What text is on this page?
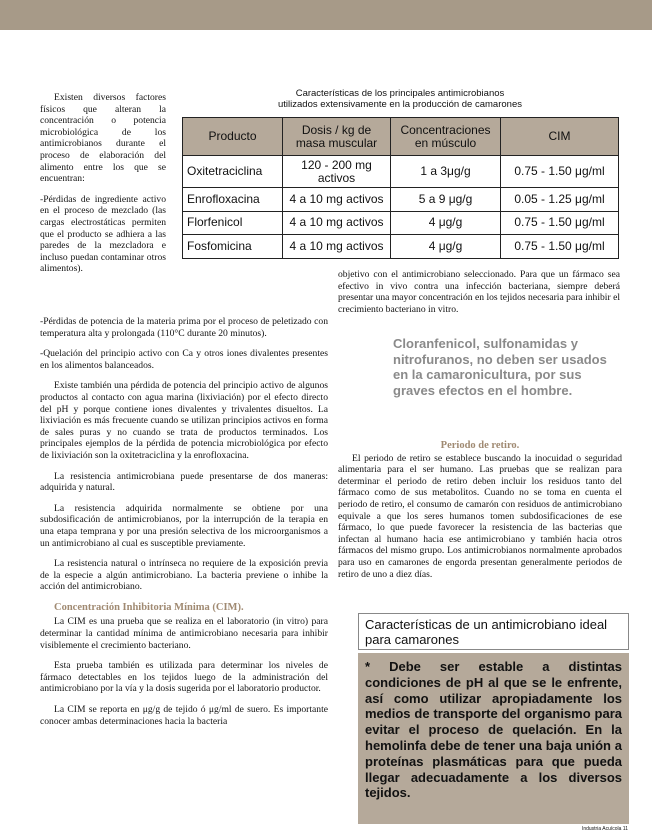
Existen diversos factores físicos que alteran la concentración o potencia microbiológica de los antimicrobianos durante el proceso de elaboración del alimento entre los que se encuentran:

-Pérdidas de ingrediente activo en el proceso de mezclado (las cargas electrostáticas permiten que el producto se adhiera a las paredes de la mezcladora e incluso puedan contaminar otros alimentos).

Características de los principales antimicrobianos
utilizados extensivamente en la producción de camarones
Producto	Dosis / kg de masa muscular	Concentraciones en músculo	CIM
Oxitetraciclina	120 - 200 mg activos	1 a 3μg/g	0.75 - 1.50 μg/ml
Enrofloxacina	4 a 10 mg activos	5 a 9 μg/g	0.05 - 1.25 μg/ml
Florfenicol	4 a 10 mg activos	4 μg/g	0.75 - 1.50 μg/ml
Fosfomicina	4 a 10 mg activos	4 μg/g	0.75 - 1.50 μg/ml

-Pérdidas de potencia de la materia prima por el proceso de peletizado con temperatura alta y prolongada (110°C durante 20 minutos).

-Quelación del principio activo con Ca y otros iones divalentes presentes en los alimentos balanceados.

Existe también una pérdida de potencia del principio activo de algunos productos al contacto con agua marina (lixiviación) por el efecto directo del pH y porque contiene iones divalentes y trivalentes disueltos. La lixiviación es más frecuente cuando se utilizan principios activos en forma de sales puras y no cuando se trata de productos terminados. Los principales ejemplos de la pérdida de potencia microbiológica por efecto de lixiviación son la oxitetraciclina y la enrofloxacina.

La resistencia antimicrobiana puede presentarse de dos maneras: adquirida y natural.

La resistencia adquirida normalmente se obtiene por una subdosificación de antimicrobianos, por la interrupción de la terapia en una etapa temprana y por una presión selectiva de los microorganismos a un antimicrobiano al cual es susceptible previamente.

La resistencia natural o intrínseca no requiere de la exposición previa de la especie a algún antimicrobiano. La bacteria previene o inhibe la acción del antimicrobiano.

Concentración Inhibitoria Mínima (CIM).

La CIM es una prueba que se realiza en el laboratorio (in vitro) para determinar la cantidad mínima de antimicrobiano necesaria para inhibir visiblemente el crecimiento bacteriano.

Esta prueba también es utilizada para determinar los niveles de fármaco detectables en los tejidos luego de la administración del antimicrobiano por la vía y la dosis sugerida por el laboratorio productor.

La CIM se reporta en μg/g de tejido ó μg/ml de suero. Es importante conocer ambas determinaciones hacia la bacteria

objetivo con el antimicrobiano seleccionado. Para que un fármaco sea efectivo in vivo contra una infección bacteriana, siempre deberá presentar una mayor concentración en los tejidos necesaria para inhibir el crecimiento bacteriano in vitro.

Cloranfenicol, sulfonamidas y nitrofuranos, no deben ser usados en la camaronicultura, por sus graves efectos en el hombre.
Periodo de retiro.

El periodo de retiro se establece buscando la inocuidad o seguridad alimentaria para el ser humano. Las pruebas que se realizan para determinar el periodo de retiro deben incluir los residuos tanto del fármaco como de sus metabolitos. Cuando no se toma en cuenta el periodo de retiro, el consumo de camarón con residuos de antimicrobiano equivale a que los seres humanos tomen subdosificaciones de ese fármaco, lo que puede favorecer la resistencia de las bacterias que infectan al humano hacia ese antimicrobiano y también hacia otros fármacos del mismo grupo. Los antimicrobianos normalmente aprobados para uso en camarones de engorda presentan generalmente periodos de retiro de uno a diez días.

Características de un antimicrobiano ideal para camarones
* Debe ser estable a distintas condiciones de pH al que se le enfrente, así como utilizar apropiadamente los medios de transporte del organismo para evitar el proceso de quelación. En la hemolinfa debe de tener una baja unión a proteínas plasmáticas para que pueda llegar adecuadamente a los diversos tejidos.
Industria Acuícola 11
